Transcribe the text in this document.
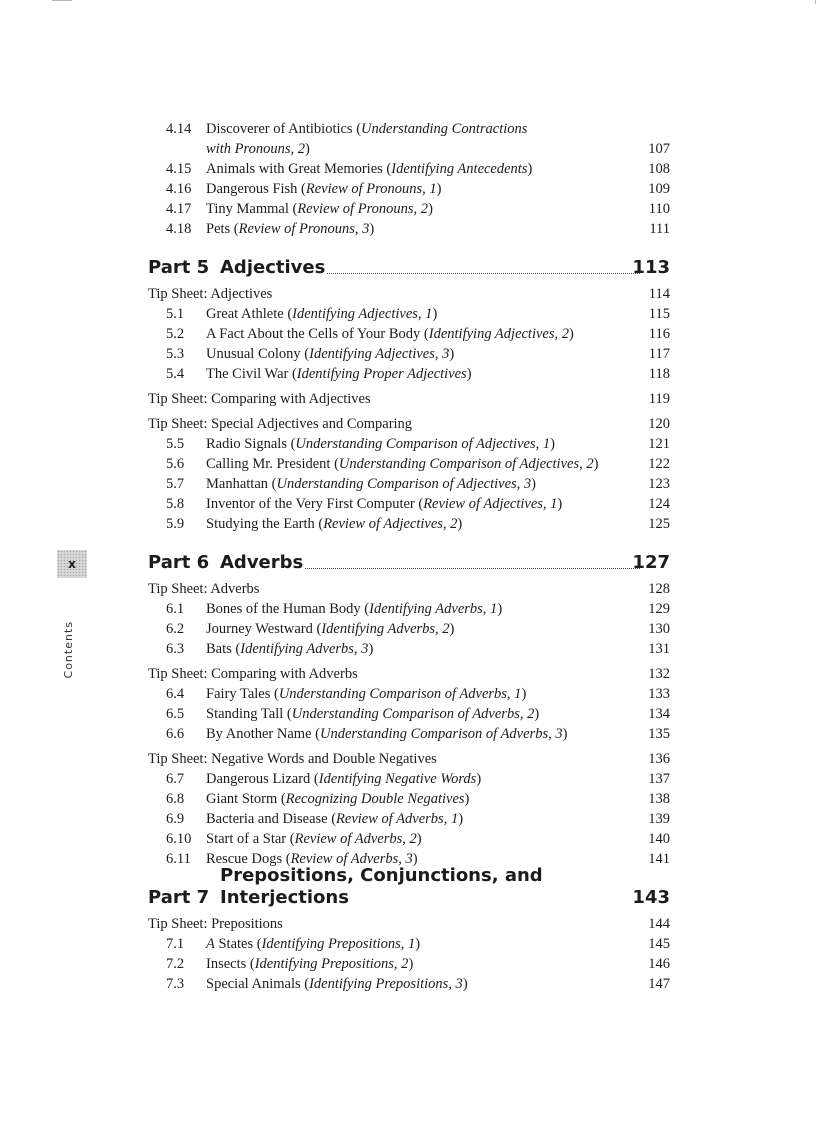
x
Contents
4.14 Discoverer of Antibiotics (Understanding Contractions
with Pronouns, 2)	107
4.15 Animals with Great Memories (Identifying Antecedents)	108
4.16 Dangerous Fish (Review of Pronouns, 1)	109
4.17 Tiny Mammal (Review of Pronouns, 2)	110
4.18 Pets (Review of Pronouns, 3)	111
Part 5 Adjectives	113
Tip Sheet: Adjectives	114
5.1 Great Athlete (Identifying Adjectives, 1)	115
5.2 A Fact About the Cells of Your Body (Identifying Adjectives, 2)	116
5.3 Unusual Colony (Identifying Adjectives, 3)	117
5.4 The Civil War (Identifying Proper Adjectives)	118
Tip Sheet: Comparing with Adjectives	119
Tip Sheet: Special Adjectives and Comparing	120
5.5 Radio Signals (Understanding Comparison of Adjectives, 1)	121
5.6 Calling Mr. President (Understanding Comparison of Adjectives, 2)	122
5.7 Manhattan (Understanding Comparison of Adjectives, 3)	123
5.8 Inventor of the Very First Computer (Review of Adjectives, 1)	124
5.9 Studying the Earth (Review of Adjectives, 2)	125
Part 6 Adverbs	127
Tip Sheet: Adverbs	128
6.1 Bones of the Human Body (Identifying Adverbs, 1)	129
6.2 Journey Westward (Identifying Adverbs, 2)	130
6.3 Bats (Identifying Adverbs, 3)	131
Tip Sheet: Comparing with Adverbs	132
6.4 Fairy Tales (Understanding Comparison of Adverbs, 1)	133
6.5 Standing Tall (Understanding Comparison of Adverbs, 2)	134
6.6 By Another Name (Understanding Comparison of Adverbs, 3)	135
Tip Sheet: Negative Words and Double Negatives	136
6.7 Dangerous Lizard (Identifying Negative Words)	137
6.8 Giant Storm (Recognizing Double Negatives)	138
6.9 Bacteria and Disease (Review of Adverbs, 1)	139
6.10 Start of a Star (Review of Adverbs, 2)	140
6.11 Rescue Dogs (Review of Adverbs, 3)	141
Part 7
Prepositions, Conjunctions, and Interjections	143
Tip Sheet: Prepositions	144
7.1 A States (Identifying Prepositions, 1)	145
7.2 Insects (Identifying Prepositions, 2)	146
7.3 Special Animals (Identifying Prepositions, 3)	147
